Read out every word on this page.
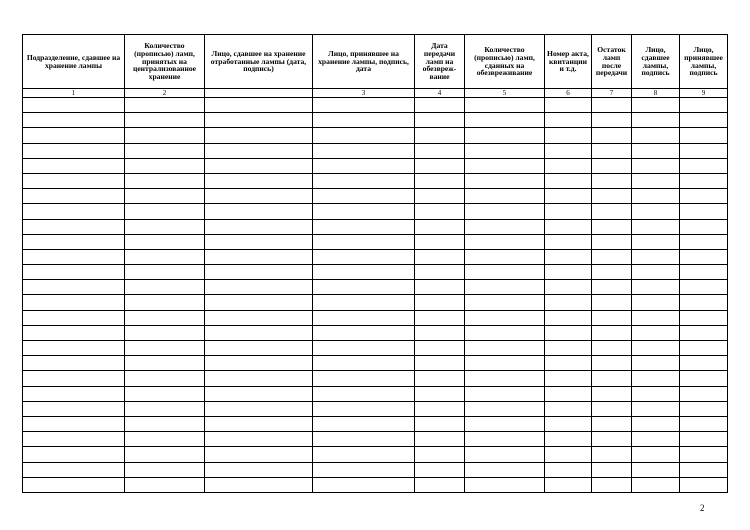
Подразделение, сдавшее на хранение лампы	Количество (прописью) ламп, принятых на централизованное хранение	Лицо, сдавшее на хранение отработанные лампы (дата, подпись)	Лицо, принявшее на хранение лампы, подпись, дата	Дата передачи ламп на обезвреж- вание	Количество (прописью) ламп, сданных на обезвреживание	Номер акта, квитанции и т.д.	Остаток ламп после передачи	Лицо, сдавшее лампы, подпись	Лицо, принявшее лампы, подпись
1	2		3	4	5	6	7	8	9

2
